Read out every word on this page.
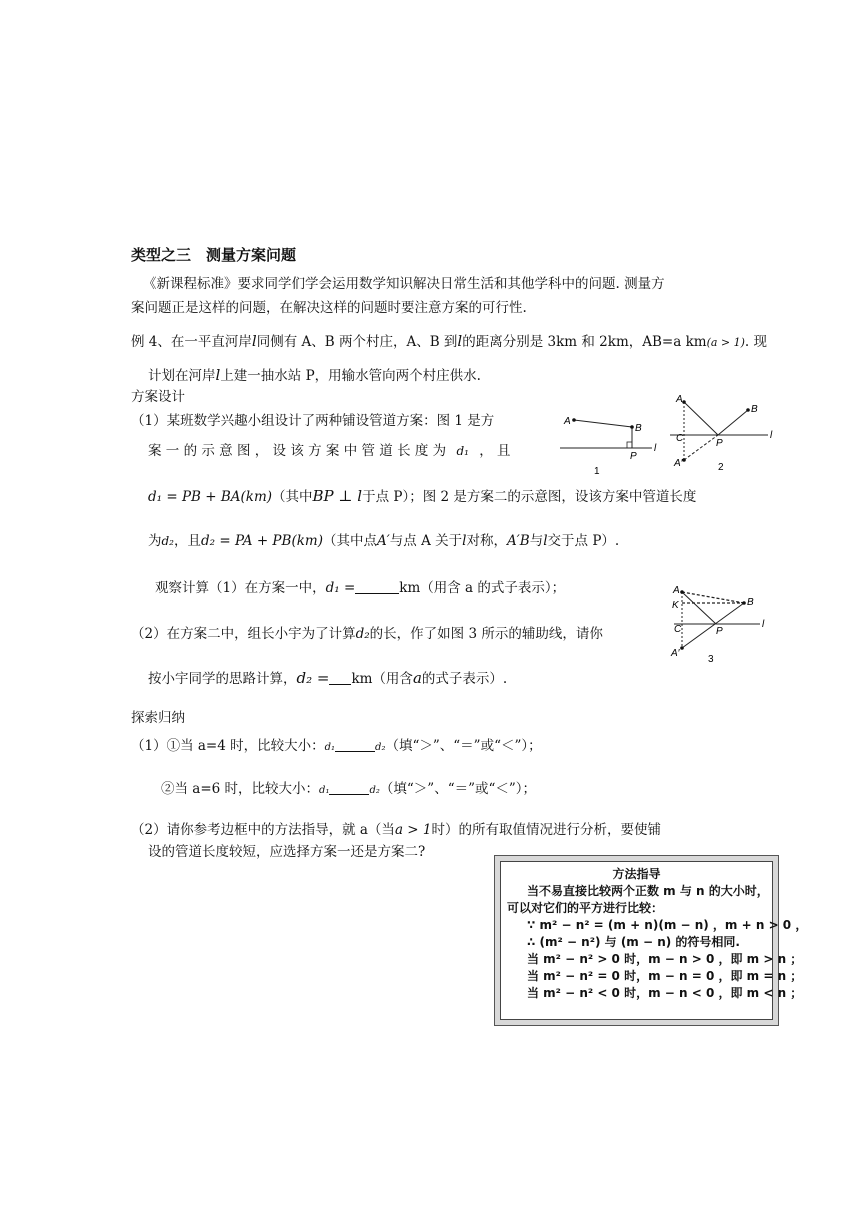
类型之三　测量方案问题
《新课程标准》要求同学们学会运用数学知识解决日常生活和其他学科中的问题. 测量方
案问题正是这样的问题，在解决这样的问题时要注意方案的可行性.
例 4、在一平直河岸l同侧有 A、B 两个村庄，A、B 到l的距离分别是 3km 和 2km，AB=a km(a > 1). 现
计划在河岸l上建一抽水站 P，用输水管向两个村庄供水.
方案设计
（1）某班数学兴趣小组设计了两种铺设管道方案：图 1 是方
案 一 的 示 意 图 ， 设 该 方 案 中 管 道 长 度 为 d₁ ， 且
d₁ = PB + BA(km)（其中BP ⊥ l于点 P）；图 2 是方案二的示意图，设该方案中管道长度
为d₂，且d₂ = PA + PB(km)（其中点A′与点 A 关于l对称，A′B与l交于点 P）.
观察计算（1）在方案一中，d₁ =	km（用含 a 的式子表示）；
（2）在方案二中，组长小宇为了计算d₂的长，作了如图 3 所示的辅助线，请你
按小宇同学的思路计算，d₂ = km（用含a的式子表示）.
探索归纳
（1）①当 a=4 时，比较大小：d₁	d₂（填“＞”、“＝”或“＜”）；
②当 a=6 时，比较大小：d₁	d₂（填“＞”、“＝”或“＜”）；
（2）请你参考边框中的方法指导，就 a（当a > 1时）的所有取值情况进行分析，要使铺
设的管道长度较短，应选择方案一还是方案二?
A
B
P
l
1
A
B
C	P
A′
l
2
A
B
K
C	P
A′
l
3
方法指导
当不易直接比较两个正数 m 与 n 的大小时，
可以对它们的平方进行比较：
∵ m² − n² = (m + n)(m − n) ，m + n > 0 ，
∴ (m² − n²) 与 (m − n) 的符号相同.
当 m² − n² > 0 时，m − n > 0 ，即 m > n ；
当 m² − n² = 0 时，m − n = 0 ，即 m = n ；
当 m² − n² < 0 时，m − n < 0 ，即 m < n ；
